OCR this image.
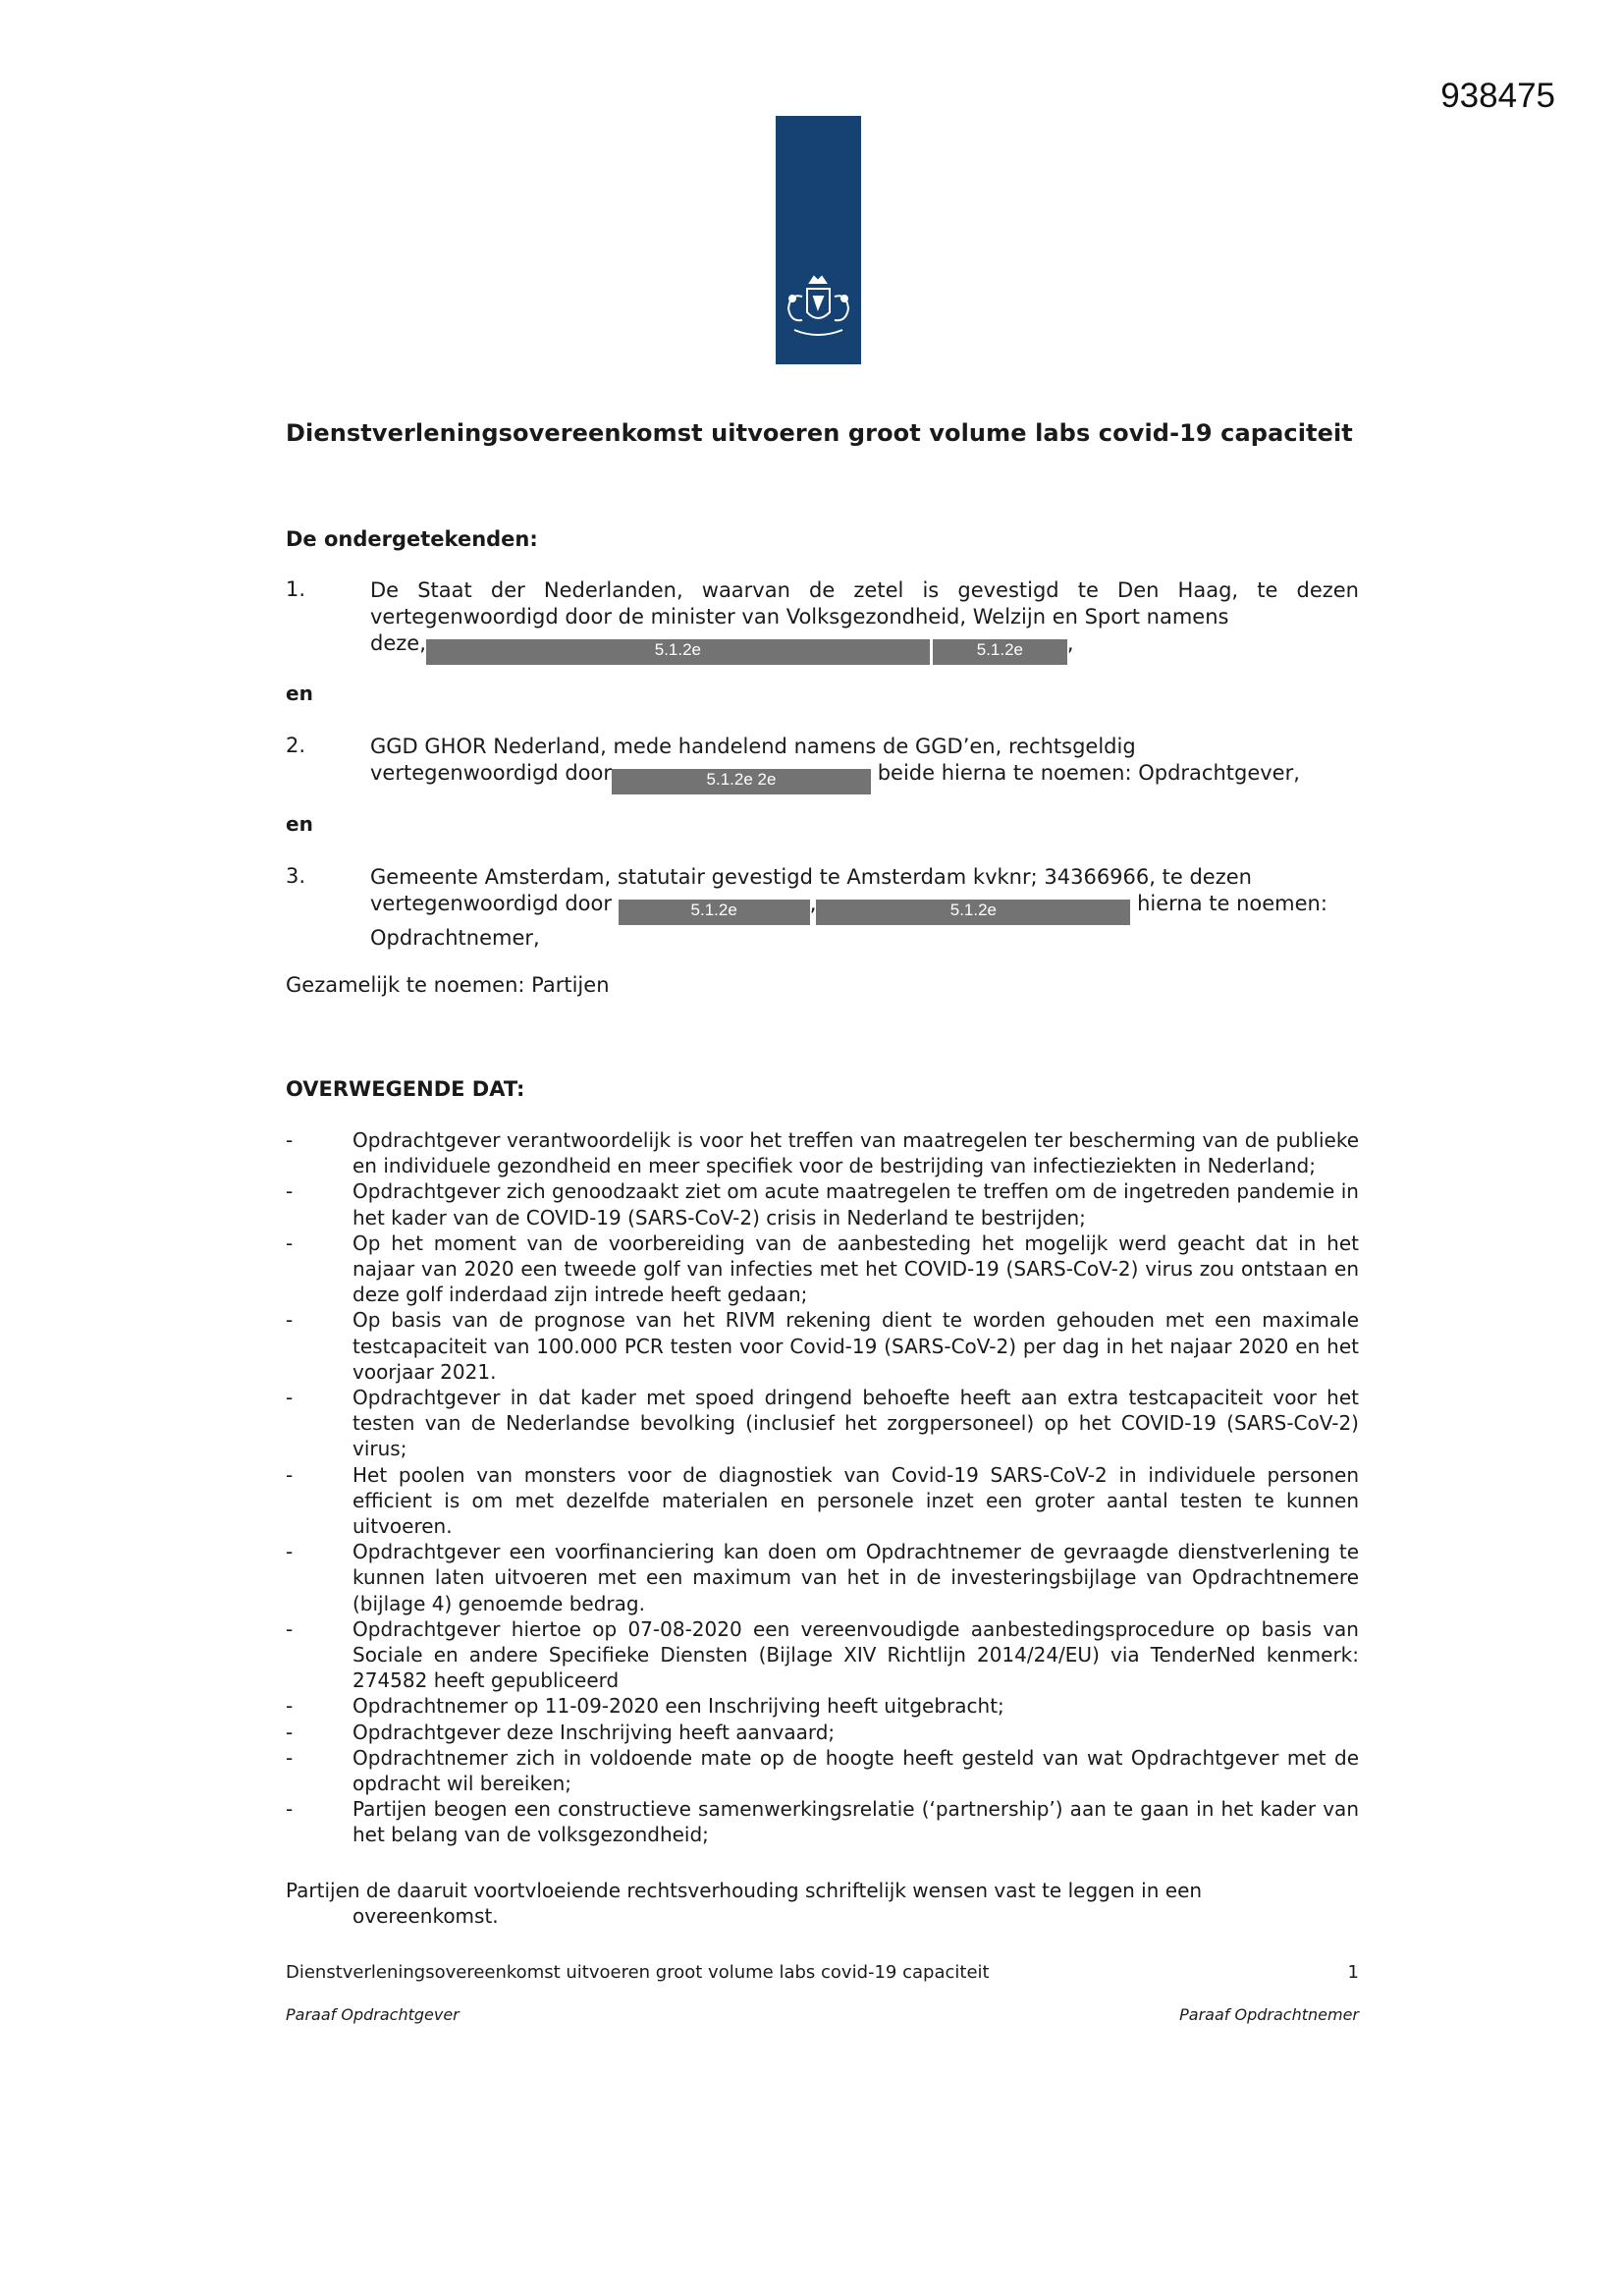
938475
Dienstverleningsovereenkomst uitvoeren groot volume labs covid-19 capaciteit
De ondergetekenden:
1.	De Staat der Nederlanden, waarvan de zetel is gevestigd te Den Haag, te dezen vertegenwoordigd door de minister van Volksgezondheid, Welzijn en Sport namens
deze,	5.1.2e	5.1.2e ,
en
2.	GGD GHOR Nederland, mede handelend namens de GGD’en, rechtsgeldig
vertegenwoordigd door	5.1.2e 2e	beide hierna te noemen: Opdrachtgever,
en
3.	Gemeente Amsterdam, statutair gevestigd te Amsterdam kvknr; 34366966, te dezen
vertegenwoordigd door	5.1.2e	,	5.1.2e	hierna te noemen:
Opdrachtnemer,
Gezamelijk te noemen: Partijen
OVERWEGENDE DAT:
-	Opdrachtgever verantwoordelijk is voor het treffen van maatregelen ter bescherming van de publieke en individuele gezondheid en meer specifiek voor de bestrijding van infectieziekten in Nederland;
-	Opdrachtgever zich genoodzaakt ziet om acute maatregelen te treffen om de ingetreden pandemie in het kader van de COVID-19 (SARS-CoV-2) crisis in Nederland te bestrijden;
-	Op het moment van de voorbereiding van de aanbesteding het mogelijk werd geacht dat in het najaar van 2020 een tweede golf van infecties met het COVID-19 (SARS-CoV-2) virus zou ontstaan en deze golf inderdaad zijn intrede heeft gedaan;
-	Op basis van de prognose van het RIVM rekening dient te worden gehouden met een maximale testcapaciteit van 100.000 PCR testen voor Covid-19 (SARS-CoV-2) per dag in het najaar 2020 en het voorjaar 2021.
-	Opdrachtgever in dat kader met spoed dringend behoefte heeft aan extra testcapaciteit voor het testen van de Nederlandse bevolking (inclusief het zorgpersoneel) op het COVID-19 (SARS-CoV-2) virus;
-	Het poolen van monsters voor de diagnostiek van Covid-19 SARS-CoV-2 in individuele personen efficient is om met dezelfde materialen en personele inzet een groter aantal testen te kunnen uitvoeren.
-	Opdrachtgever een voorfinanciering kan doen om Opdrachtnemer de gevraagde dienstverlening te kunnen laten uitvoeren met een maximum van het in de investeringsbijlage van Opdrachtnemere (bijlage 4) genoemde bedrag.
-	Opdrachtgever hiertoe op 07-08-2020 een vereenvoudigde aanbestedingsprocedure op basis van Sociale en andere Specifieke Diensten (Bijlage XIV Richtlijn 2014/24/EU) via TenderNed kenmerk: 274582 heeft gepubliceerd
-	Opdrachtnemer op 11-09-2020 een Inschrijving heeft uitgebracht;
-	Opdrachtgever deze Inschrijving heeft aanvaard;
-	Opdrachtnemer zich in voldoende mate op de hoogte heeft gesteld van wat Opdrachtgever met de opdracht wil bereiken;
-	Partijen beogen een constructieve samenwerkingsrelatie (‘partnership’) aan te gaan in het kader van het belang van de volksgezondheid;
Partijen de daaruit voortvloeiende rechtsverhouding schriftelijk wensen vast te leggen in een
overeenkomst.
Dienstverleningsovereenkomst uitvoeren groot volume labs covid-19 capaciteit	1
Paraaf Opdrachtgever	Paraaf Opdrachtnemer
